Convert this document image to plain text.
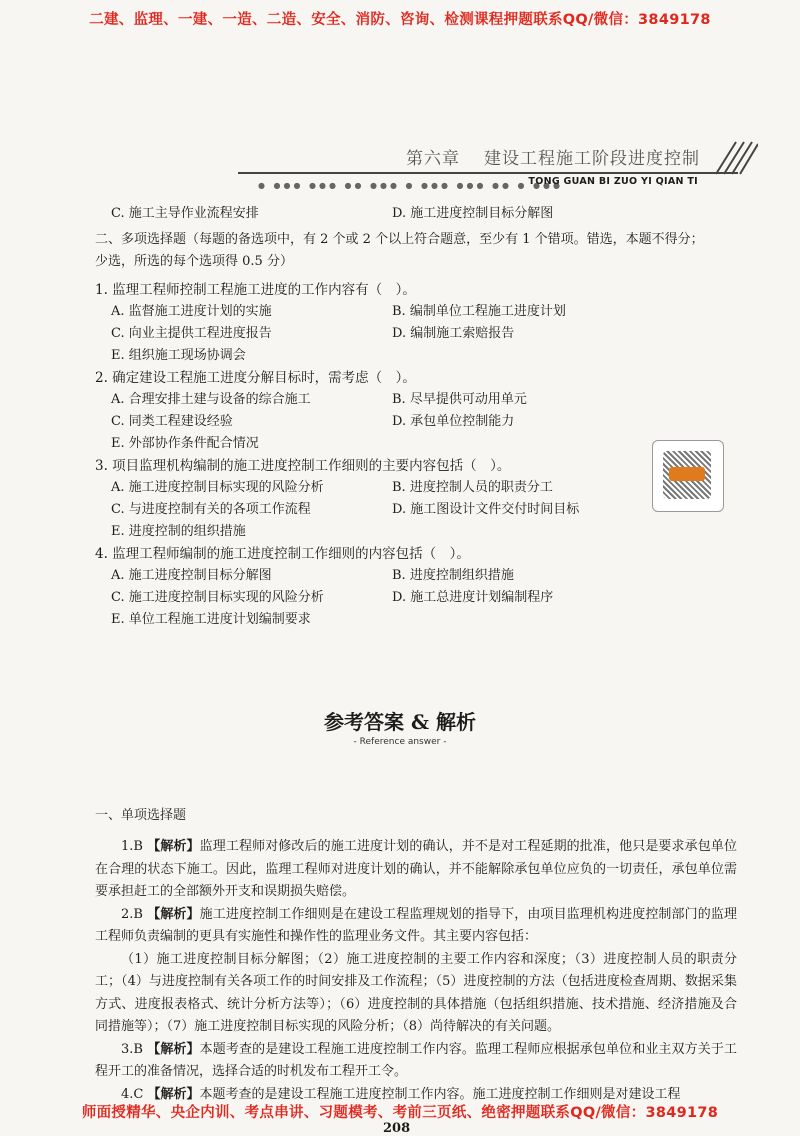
二建、监理、一建、一造、二造、安全、消防、咨询、检测课程押题联系QQ/微信：3849178
第六章 建设工程施工阶段进度控制
● ●●● ●●● ●● ●●● ● ●●● ●●● ●● ● ●●●
TONG GUAN BI ZUO YI QIAN TI
C. 施工主导作业流程安排	D. 施工进度控制目标分解图
二、多项选择题（每题的备选项中，有 2 个或 2 个以上符合题意，至少有 1 个错项。错选，本题不得分；
少选，所选的每个选项得 0.5 分）
1. 监理工程师控制工程施工进度的工作内容有（　）。
A. 监督施工进度计划的实施	B. 编制单位工程施工进度计划
C. 向业主提供工程进度报告	D. 编制施工索赔报告
E. 组织施工现场协调会
2. 确定建设工程施工进度分解目标时，需考虑（　）。
A. 合理安排土建与设备的综合施工	B. 尽早提供可动用单元
C. 同类工程建设经验	D. 承包单位控制能力
E. 外部协作条件配合情况
3. 项目监理机构编制的施工进度控制工作细则的主要内容包括（　）。
A. 施工进度控制目标实现的风险分析	B. 进度控制人员的职责分工
C. 与进度控制有关的各项工作流程	D. 施工图设计文件交付时间目标
E. 进度控制的组织措施
4. 监理工程师编制的施工进度控制工作细则的内容包括（　）。
A. 施工进度控制目标分解图	B. 进度控制组织措施
C. 施工进度控制目标实现的风险分析	D. 施工总进度计划编制程序
E. 单位工程施工进度计划编制要求
参考答案 & 解析
- Reference answer -
一、单项选择题

1.B 【解析】监理工程师对修改后的施工进度计划的确认，并不是对工程延期的批准，他只是要求承包单位在合理的状态下施工。因此，监理工程师对进度计划的确认，并不能解除承包单位应负的一切责任，承包单位需要承担赶工的全部额外开支和误期损失赔偿。

2.B 【解析】施工进度控制工作细则是在建设工程监理规划的指导下，由项目监理机构进度控制部门的监理工程师负责编制的更具有实施性和操作性的监理业务文件。其主要内容包括：

（1）施工进度控制目标分解图；（2）施工进度控制的主要工作内容和深度；（3）进度控制人员的职责分工；（4）与进度控制有关各项工作的时间安排及工作流程；（5）进度控制的方法（包括进度检查周期、数据采集方式、进度报表格式、统计分析方法等）；（6）进度控制的具体措施（包括组织措施、技术措施、经济措施及合同措施等）；（7）施工进度控制目标实现的风险分析；（8）尚待解决的有关问题。

3.B 【解析】本题考查的是建设工程施工进度控制工作内容。监理工程师应根据承包单位和业主双方关于工程开工的准备情况，选择合适的时机发布工程开工令。

4.C 【解析】本题考查的是建设工程施工进度控制工作内容。施工进度控制工作细则是对建设工程

师面授精华、央企内训、考点串讲、习题模考、考前三页纸、绝密押题联系QQ/微信：3849178
208
